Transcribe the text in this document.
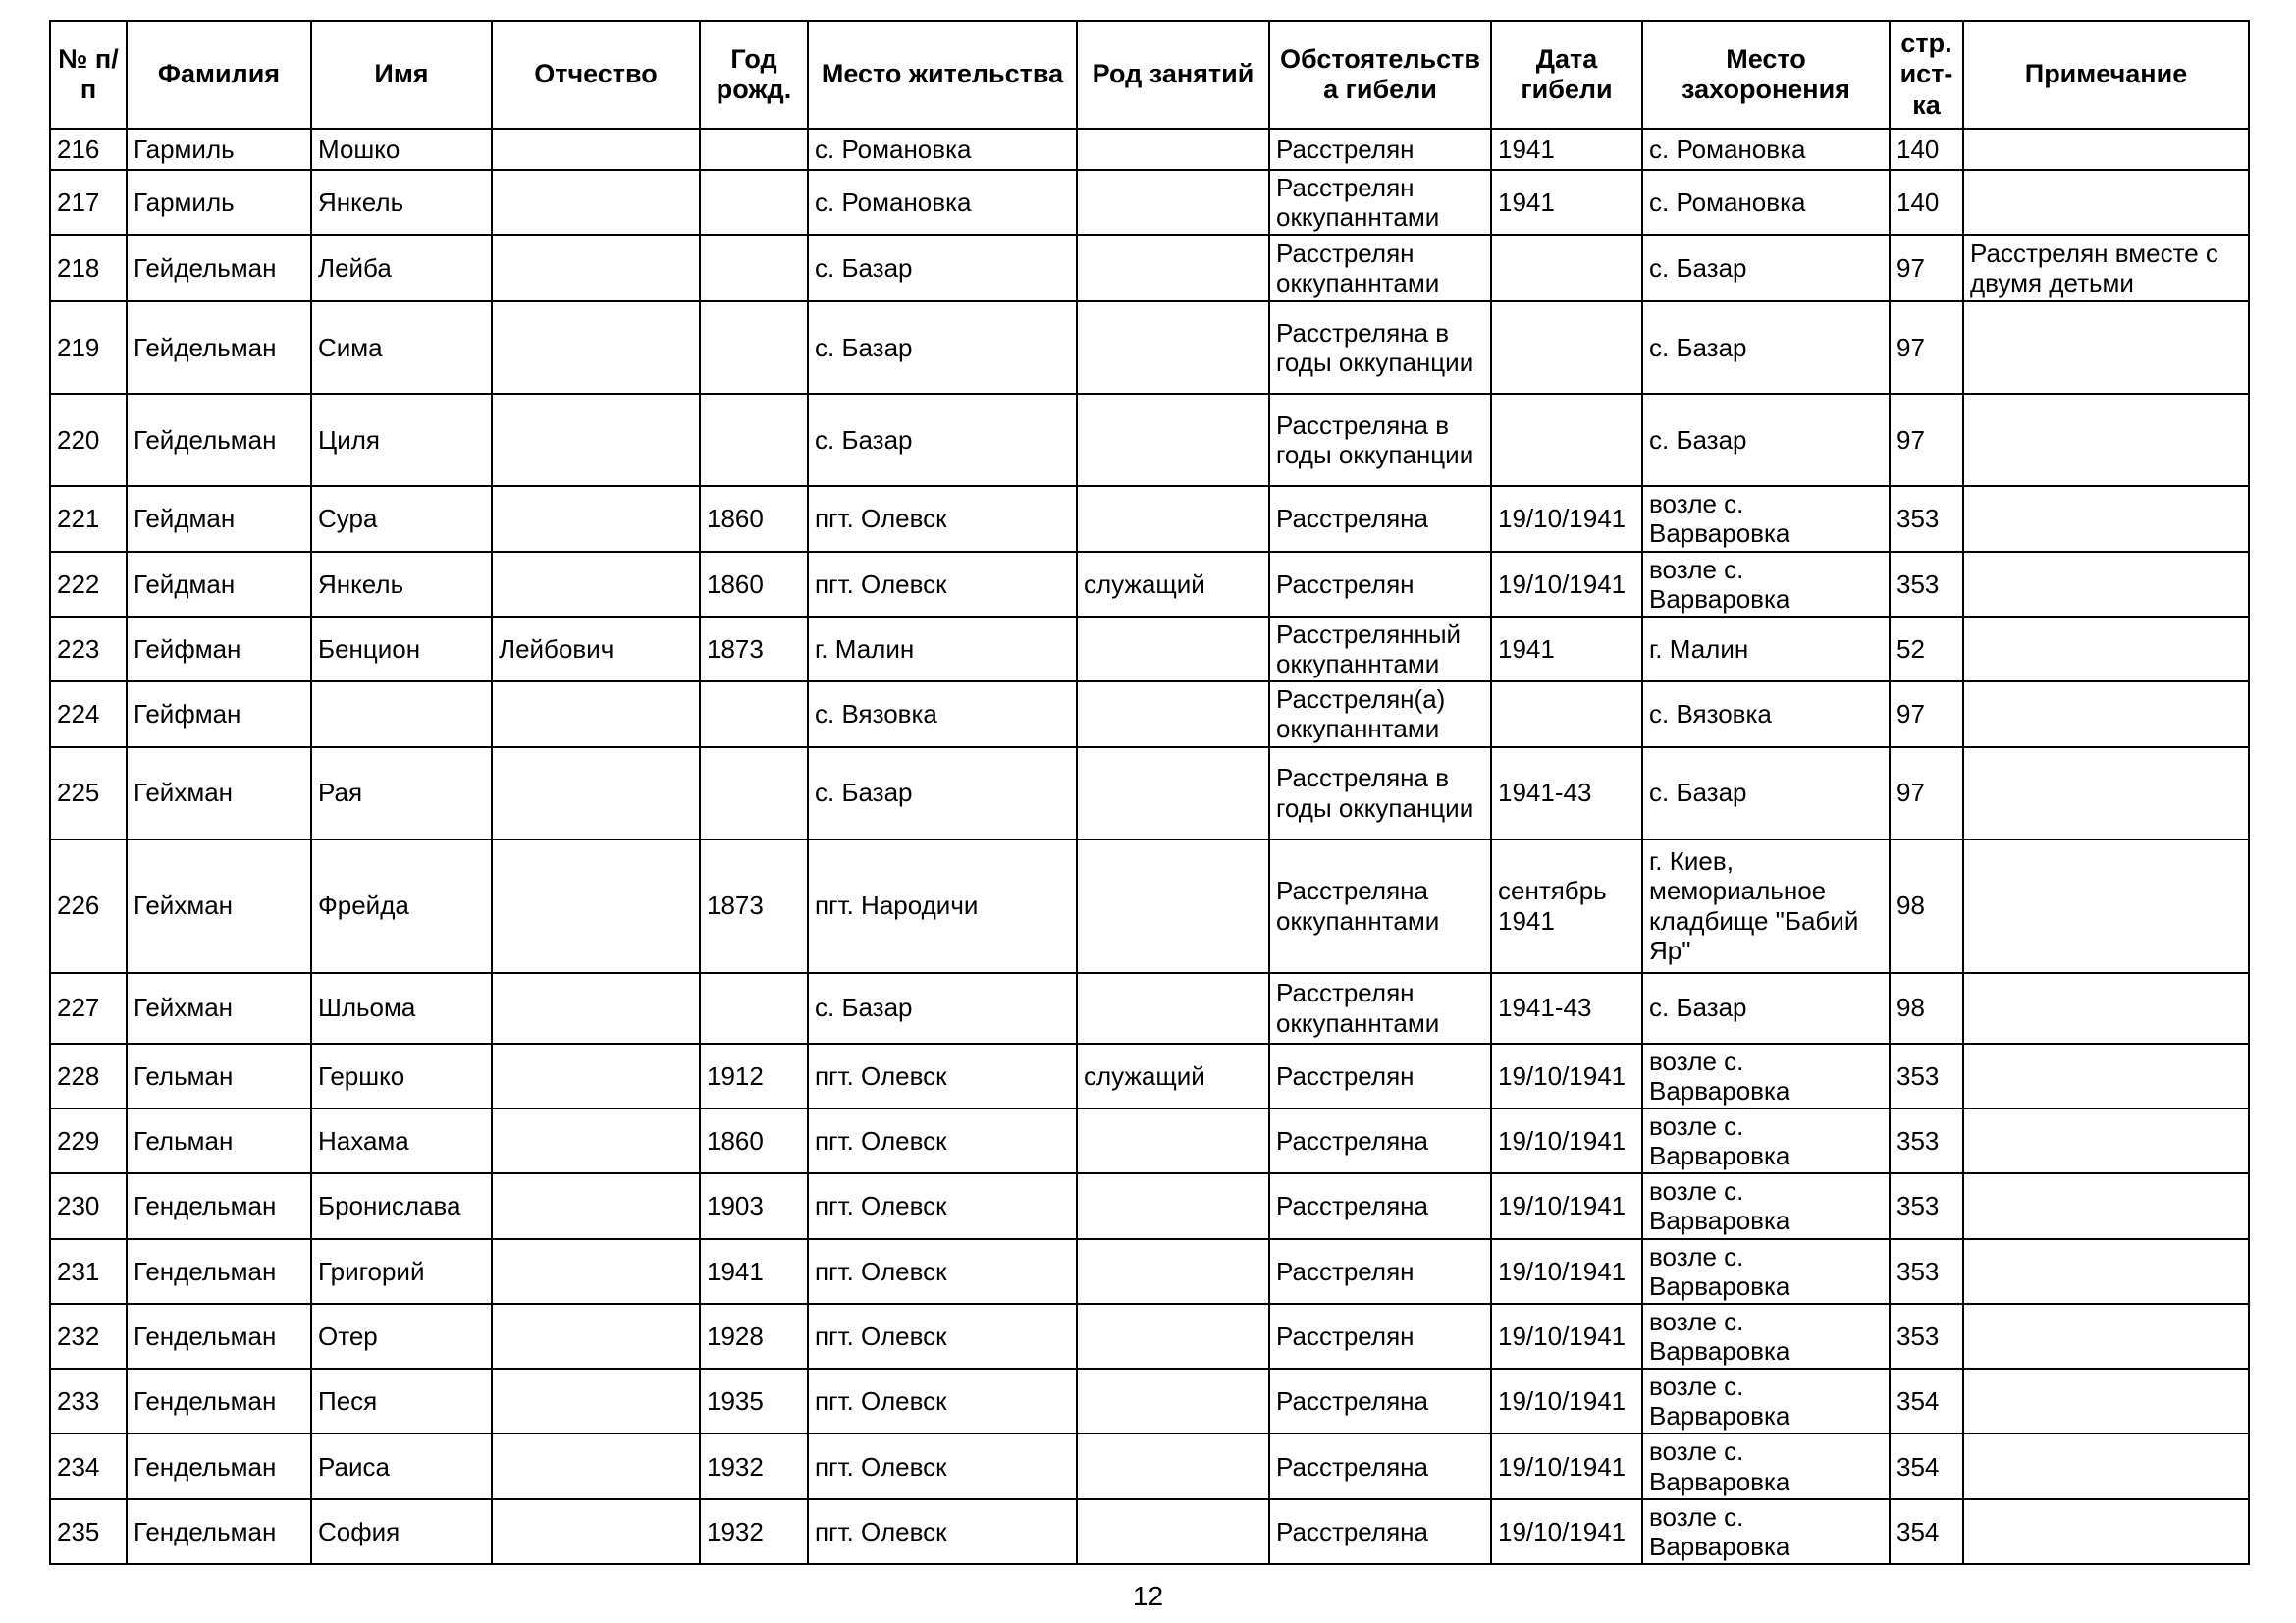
№ п/п	Фамилия	Имя	Отчество	Год рожд.	Место жительства	Род занятий	Обстоятельства гибели	Дата гибели	Место захоронения	стр. ист-ка	Примечание
216	Гармиль	Мошко			с. Романовка		Расстрелян	1941	с. Романовка	140	
217	Гармиль	Янкель			с. Романовка		Расстрелян оккупаннтами	1941	с. Романовка	140	
218	Гейдельман	Лейба			с. Базар		Расстрелян оккупаннтами		с. Базар	97	Расстрелян вместе с двумя детьми
219	Гейдельман	Сима			с. Базар		Расстреляна в годы оккупанции		с. Базар	97	
220	Гейдельман	Циля			с. Базар		Расстреляна в годы оккупанции		с. Базар	97	
221	Гейдман	Сура		1860	пгт. Олевск		Расстреляна	19/10/1941	возле с. Варваровка	353	
222	Гейдман	Янкель		1860	пгт. Олевск	служащий	Расстрелян	19/10/1941	возле с. Варваровка	353	
223	Гейфман	Бенцион	Лейбович	1873	г. Малин		Расстрелянный оккупаннтами	1941	г. Малин	52	
224	Гейфман				с. Вязовка		Расстрелян(а) оккупаннтами		с. Вязовка	97	
225	Гейхман	Рая			с. Базар		Расстреляна в годы оккупанции	1941-43	с. Базар	97	
226	Гейхман	Фрейда		1873	пгт. Народичи		Расстреляна оккупаннтами	сентябрь 1941	г. Киев, мемориальное кладбище "Бабий Яр"	98	
227	Гейхман	Шльома			с. Базар		Расстрелян оккупаннтами	1941-43	с. Базар	98	
228	Гельман	Гершко		1912	пгт. Олевск	служащий	Расстрелян	19/10/1941	возле с. Варваровка	353	
229	Гельман	Нахама		1860	пгт. Олевск		Расстреляна	19/10/1941	возле с. Варваровка	353	
230	Гендельман	Бронислава		1903	пгт. Олевск		Расстреляна	19/10/1941	возле с. Варваровка	353	
231	Гендельман	Григорий		1941	пгт. Олевск		Расстрелян	19/10/1941	возле с. Варваровка	353	
232	Гендельман	Отер		1928	пгт. Олевск		Расстрелян	19/10/1941	возле с. Варваровка	353	
233	Гендельман	Песя		1935	пгт. Олевск		Расстреляна	19/10/1941	возле с. Варваровка	354	
234	Гендельман	Раиса		1932	пгт. Олевск		Расстреляна	19/10/1941	возле с. Варваровка	354	
235	Гендельман	София		1932	пгт. Олевск		Расстреляна	19/10/1941	возле с. Варваровка	354	
12
